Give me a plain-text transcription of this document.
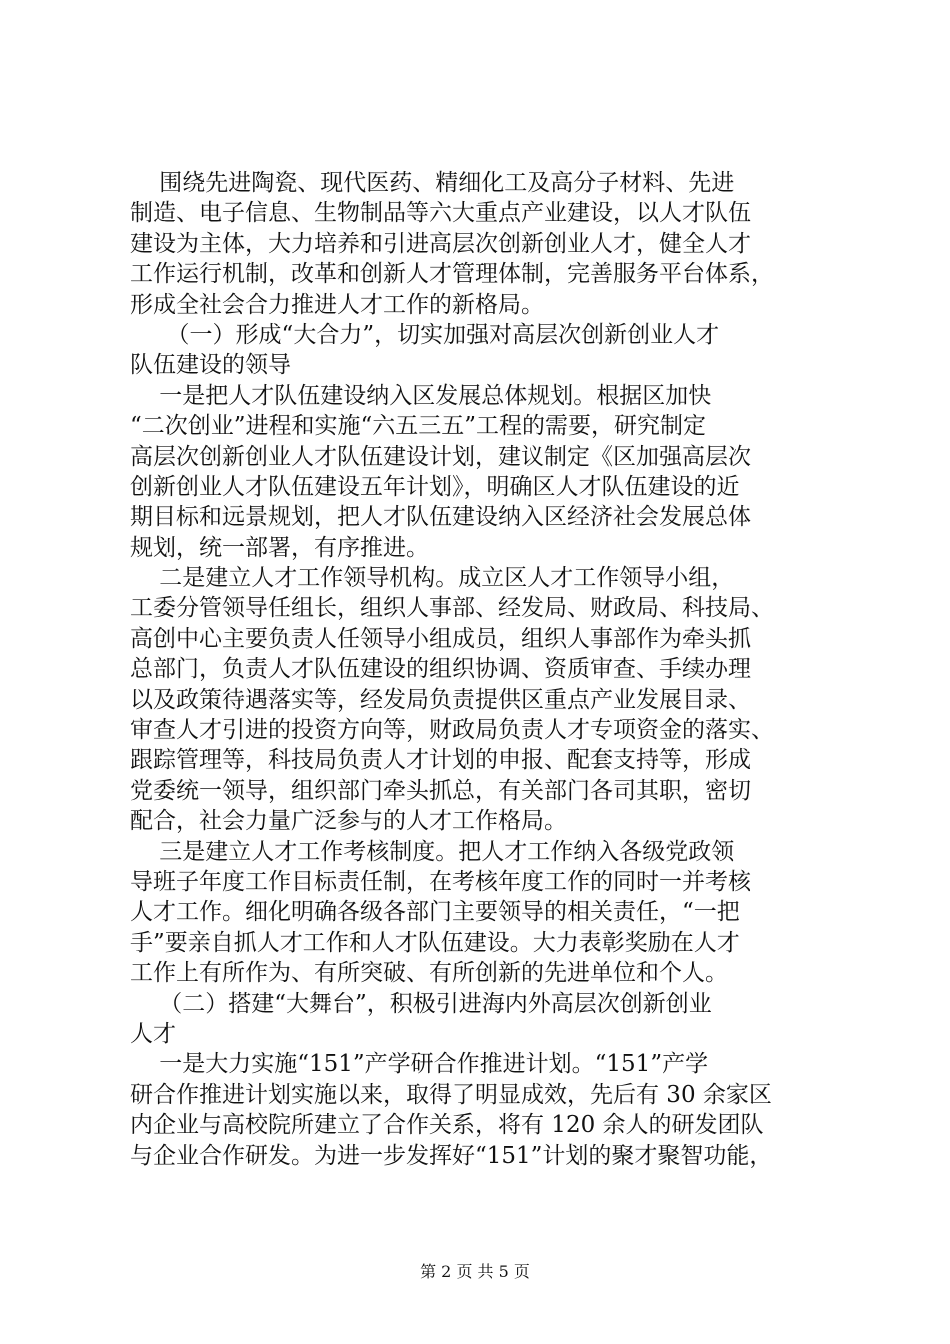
围绕先进陶瓷、现代医药、精细化工及高分子材料、先进
制造、电子信息、生物制品等六大重点产业建设，以人才队伍
建设为主体，大力培养和引进高层次创新创业人才，健全人才
工作运行机制，改革和创新人才管理体制，完善服务平台体系，
形成全社会合力推进人才工作的新格局。
（一）形成“大合力”，切实加强对高层次创新创业人才
队伍建设的领导
一是把人才队伍建设纳入区发展总体规划。根据区加快
“二次创业”进程和实施“六五三五”工程的需要，研究制定
高层次创新创业人才队伍建设计划，建议制定《区加强高层次
创新创业人才队伍建设五年计划》，明确区人才队伍建设的近
期目标和远景规划，把人才队伍建设纳入区经济社会发展总体
规划，统一部署，有序推进。
二是建立人才工作领导机构。成立区人才工作领导小组，
工委分管领导任组长，组织人事部、经发局、财政局、科技局、
高创中心主要负责人任领导小组成员，组织人事部作为牵头抓
总部门，负责人才队伍建设的组织协调、资质审查、手续办理
以及政策待遇落实等，经发局负责提供区重点产业发展目录、
审查人才引进的投资方向等，财政局负责人才专项资金的落实、
跟踪管理等，科技局负责人才计划的申报、配套支持等，形成
党委统一领导，组织部门牵头抓总，有关部门各司其职，密切
配合，社会力量广泛参与的人才工作格局。
三是建立人才工作考核制度。把人才工作纳入各级党政领
导班子年度工作目标责任制，在考核年度工作的同时一并考核
人才工作。细化明确各级各部门主要领导的相关责任，“一把
手”要亲自抓人才工作和人才队伍建设。大力表彰奖励在人才
工作上有所作为、有所突破、有所创新的先进单位和个人。
（二）搭建“大舞台”，积极引进海内外高层次创新创业
人才
一是大力实施“151”产学研合作推进计划。“151”产学
研合作推进计划实施以来，取得了明显成效，先后有 30 余家区
内企业与高校院所建立了合作关系，将有 120 余人的研发团队
与企业合作研发。为进一步发挥好“151”计划的聚才聚智功能，
第 2 页 共 5 页
